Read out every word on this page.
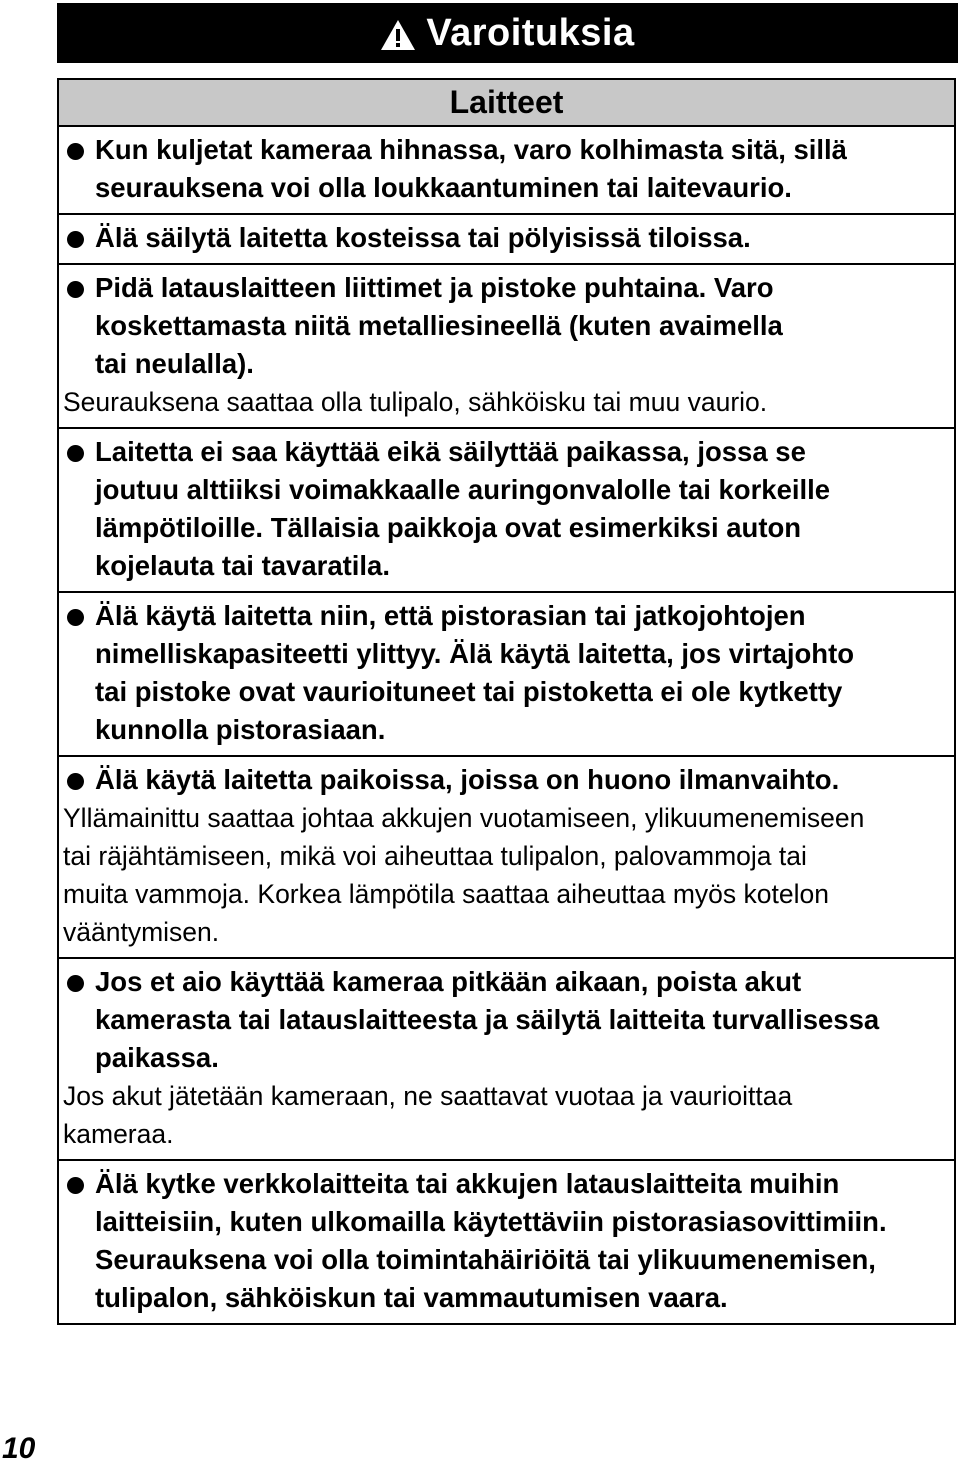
Varoituksia
Laitteet
Kun kuljetat kameraa hihnassa, varo kolhimasta sitä, sillä
seurauksena voi olla loukkaantuminen tai laitevaurio.
Älä säilytä laitetta kosteissa tai pölyisissä tiloissa.
Pidä latauslaitteen liittimet ja pistoke puhtaina. Varo
koskettamasta niitä metalliesineellä (kuten avaimella
tai neulalla).
Seurauksena saattaa olla tulipalo, sähköisku tai muu vaurio.
Laitetta ei saa käyttää eikä säilyttää paikassa, jossa se
joutuu alttiiksi voimakkaalle auringonvalolle tai korkeille
lämpötiloille. Tällaisia paikkoja ovat esimerkiksi auton
kojelauta tai tavaratila.
Älä käytä laitetta niin, että pistorasian tai jatkojohtojen
nimelliskapasiteetti ylittyy. Älä käytä laitetta, jos virtajohto
tai pistoke ovat vaurioituneet tai pistoketta ei ole kytketty
kunnolla pistorasiaan.
Älä käytä laitetta paikoissa, joissa on huono ilmanvaihto.
Yllämainittu saattaa johtaa akkujen vuotamiseen, ylikuumenemiseen
tai räjähtämiseen, mikä voi aiheuttaa tulipalon, palovammoja tai
muita vammoja. Korkea lämpötila saattaa aiheuttaa myös kotelon
vääntymisen.
Jos et aio käyttää kameraa pitkään aikaan, poista akut
kamerasta tai latauslaitteesta ja säilytä laitteita turvallisessa
paikassa.
Jos akut jätetään kameraan, ne saattavat vuotaa ja vaurioittaa
kameraa.
Älä kytke verkkolaitteita tai akkujen latauslaitteita muihin
laitteisiin, kuten ulkomailla käytettäviin pistorasiasovittimiin.
Seurauksena voi olla toimintahäiriöitä tai ylikuumenemisen,
tulipalon, sähköiskun tai vammautumisen vaara.
10
